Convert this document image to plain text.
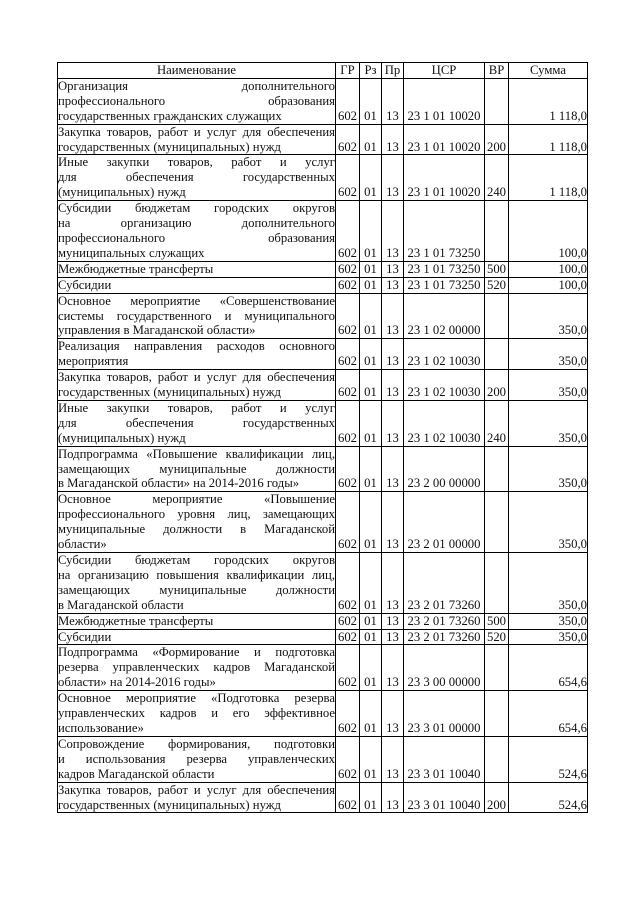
Наименование	ГР	Рз	Пр	ЦСР	ВР	Сумма

Организация дополнительного
профессионального образования
государственных гражданских служащих	602	01	13	23 1 01 10020		1 118,0

Закупка товаров, работ и услуг для обеспечения
государственных (муниципальных) нужд	602	01	13	23 1 01 10020	200	1 118,0

Иные закупки товаров, работ и услуг
для обеспечения государственных
(муниципальных) нужд	602	01	13	23 1 01 10020	240	1 118,0

Субсидии бюджетам городских округов
на организацию дополнительного
профессионального образования
муниципальных служащих	602	01	13	23 1 01 73250		100,0

Межбюджетные трансферты	602	01	13	23 1 01 73250	500	100,0

Субсидии	602	01	13	23 1 01 73250	520	100,0

Основное мероприятие «Совершенствование
системы государственного и муниципального
управления в Магаданской области»	602	01	13	23 1 02 00000		350,0

Реализация направления расходов основного
мероприятия	602	01	13	23 1 02 10030		350,0

Закупка товаров, работ и услуг для обеспечения
государственных (муниципальных) нужд	602	01	13	23 1 02 10030	200	350,0

Иные закупки товаров, работ и услуг
для обеспечения государственных
(муниципальных) нужд	602	01	13	23 1 02 10030	240	350,0

Подпрограмма «Повышение квалификации лиц,
замещающих муниципальные должности
в Магаданской области» на 2014-2016 годы»	602	01	13	23 2 00 00000		350,0

Основное мероприятие «Повышение
профессионального уровня лиц, замещающих
муниципальные должности в Магаданской
области»	602	01	13	23 2 01 00000		350,0

Субсидии бюджетам городских округов
на организацию повышения квалификации лиц,
замещающих муниципальные должности
в Магаданской области	602	01	13	23 2 01 73260		350,0

Межбюджетные трансферты	602	01	13	23 2 01 73260	500	350,0

Субсидии	602	01	13	23 2 01 73260	520	350,0

Подпрограмма «Формирование и подготовка
резерва управленческих кадров Магаданской
области» на 2014-2016 годы»	602	01	13	23 3 00 00000		654,6

Основное мероприятие «Подготовка резерва
управленческих кадров и его эффективное
использование»	602	01	13	23 3 01 00000		654,6

Сопровождение формирования, подготовки
и использования резерва управленческих
кадров Магаданской области	602	01	13	23 3 01 10040		524,6

Закупка товаров, работ и услуг для обеспечения
государственных (муниципальных) нужд	602	01	13	23 3 01 10040	200	524,6
